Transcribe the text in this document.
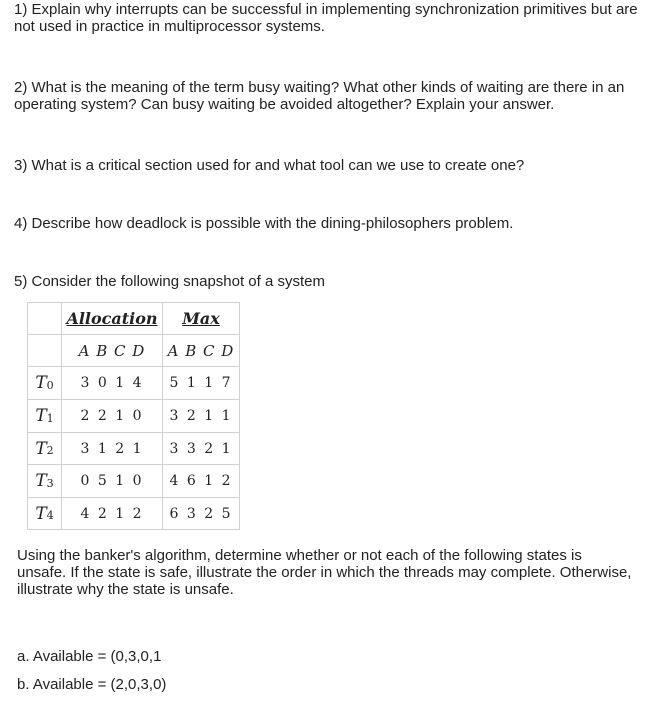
1) Explain why interrupts can be successful in implementing synchronization primitives but are not used in practice in multiprocessor systems.

2) What is the meaning of the term busy waiting? What other kinds of waiting are there in an operating system? Can busy waiting be avoided altogether? Explain your answer.

3) What is a critical section used for and what tool can we use to create one?

4) Describe how deadlock is possible with the dining-philosophers problem.

5) Consider the following snapshot of a system

Allocation Max
A B C D	A B C D
$T_0$	3 0 1 4	5 1 1 7
$T_1$	2 2 1 0	3 2 1 1
$T_2$	3 1 2 1	3 3 2 1
$T_3$	0 5 1 0	4 6 1 2
$T_4$	4 2 1 2	6 3 2 5

Using the banker's algorithm, determine whether or not each of the following states is unsafe. If the state is safe, illustrate the order in which the threads may complete. Otherwise, illustrate why the state is unsafe.

a. Available = (0,3,0,1

b. Available = (2,0,3,0)
